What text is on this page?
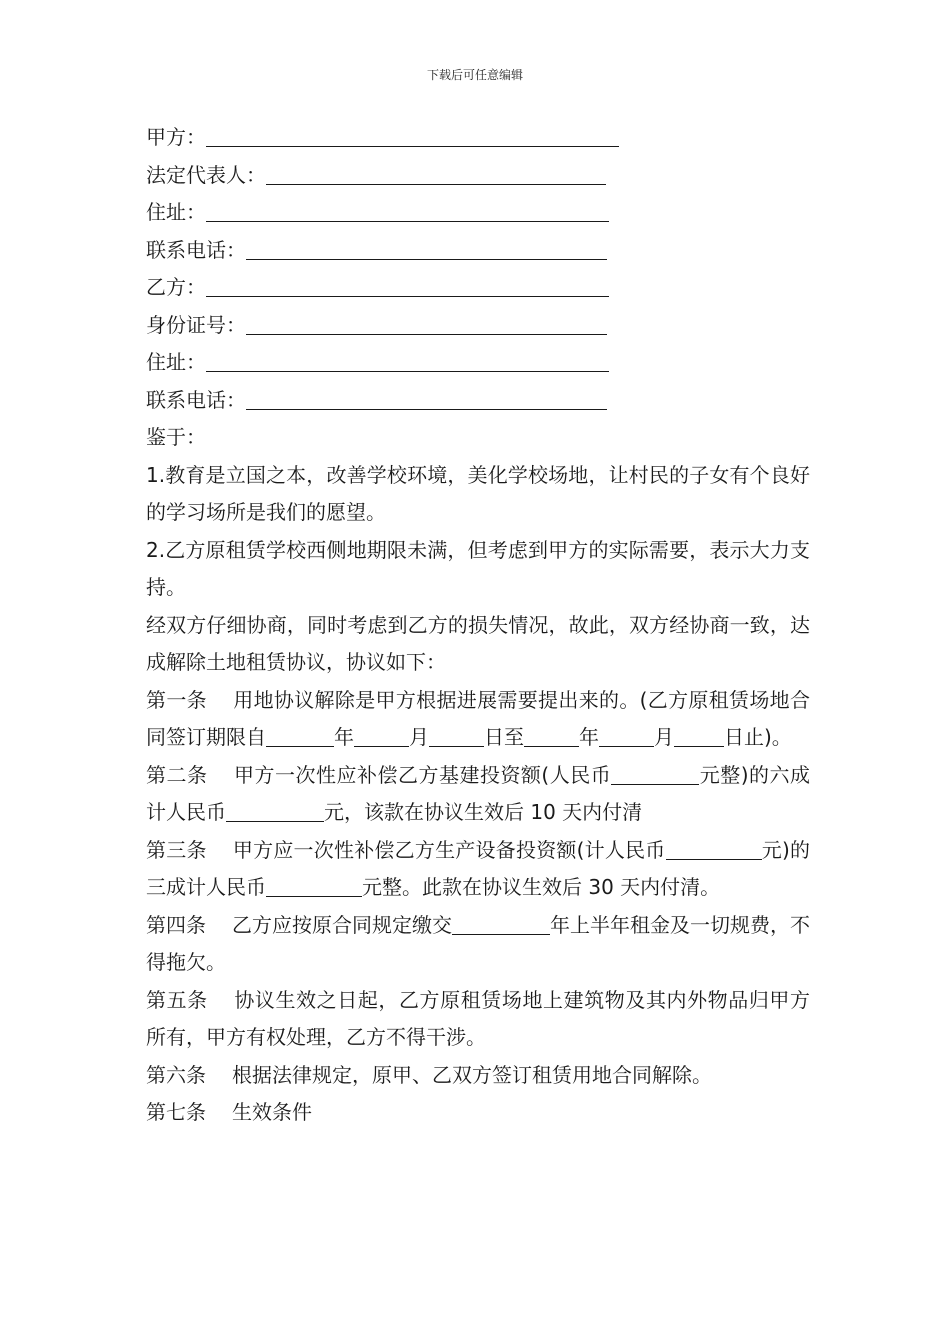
下载后可任意编辑
甲方：
法定代表人：
住址：
联系电话：
乙方：
身份证号：
住址：
联系电话：
鉴于：
1.教育是立国之本，改善学校环境，美化学校场地，让村民的子女有个良好的学习场所是我们的愿望。
2.乙方原租赁学校西侧地期限未满，但考虑到甲方的实际需要，表示大力支持。
经双方仔细协商，同时考虑到乙方的损失情况，故此，双方经协商一致，达成解除土地租赁协议，协议如下：
第一条 用地协议解除是甲方根据进展需要提出来的。(乙方原租赁场地合同签订期限自	年	月	日至	年	月	日止)。
第二条 甲方一次性应补偿乙方基建投资额(人民币	元整)的六成计人民币	元，该款在协议生效后 10 天内付清
第三条 甲方应一次性补偿乙方生产设备投资额(计人民币	元)的三成计人民币	元整。此款在协议生效后 30 天内付清。
第四条 乙方应按原合同规定缴交	年上半年租金及一切规费，不得拖欠。
第五条 协议生效之日起，乙方原租赁场地上建筑物及其内外物品归甲方所有，甲方有权处理，乙方不得干涉。
第六条 根据法律规定，原甲、乙双方签订租赁用地合同解除。
第七条 生效条件
